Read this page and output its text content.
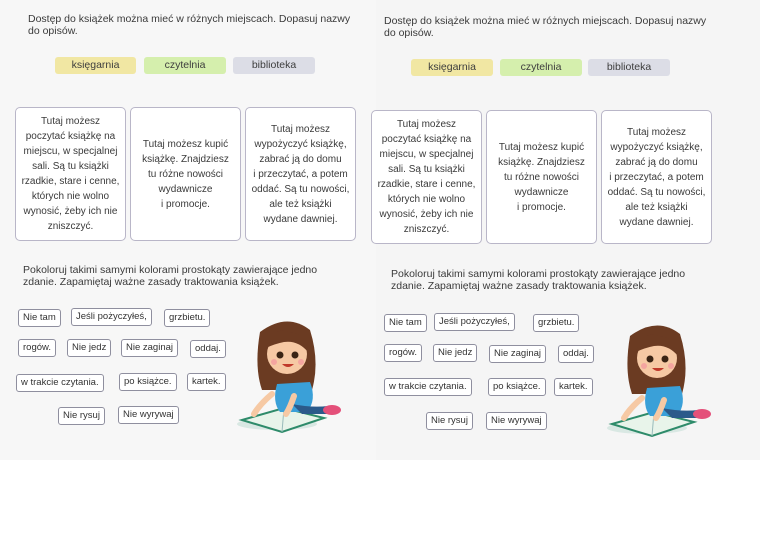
Dostęp do książek można mieć w różnych miejscach. Dopasuj nazwy do opisów.
księgarnia	czytelnia	biblioteka
Tutaj możesz
poczytać książkę na
miejscu, w specjalnej
sali. Są tu książki
rzadkie, stare i cenne,
których nie wolno
wynosić, żeby ich nie
zniszczyć.
Tutaj możesz kupić
książkę. Znajdziesz
tu różne nowości
wydawnicze
i promocje.
Tutaj możesz
wypożyczyć książkę,
zabrać ją do domu
i przeczytać, a potem
oddać. Są tu nowości,
ale też książki
wydane dawniej.
Pokoloruj takimi samymi kolorami prostokąty zawierające jedno zdanie. Zapamiętaj ważne zasady traktowania książek.
Nie tam	Jeśli pożyczyłeś,	grzbietu.
rogów.	Nie jedz	Nie zaginaj	oddaj.
w trakcie czytania.	po książce.	kartek.
Nie rysuj	Nie wyrywaj
Dostęp do książek można mieć w różnych miejscach. Dopasuj nazwy do opisów.
księgarnia	czytelnia	biblioteka
Tutaj możesz
poczytać książkę na
miejscu, w specjalnej
sali. Są tu książki
rzadkie, stare i cenne,
których nie wolno
wynosić, żeby ich nie
zniszczyć.
Tutaj możesz kupić
książkę. Znajdziesz
tu różne nowości
wydawnicze
i promocje.
Tutaj możesz
wypożyczyć książkę,
zabrać ją do domu
i przeczytać, a potem
oddać. Są tu nowości,
ale też książki
wydane dawniej.
Pokoloruj takimi samymi kolorami prostokąty zawierające jedno zdanie. Zapamiętaj ważne zasady traktowania książek.
Nie tam	Jeśli pożyczyłeś,	grzbietu.
rogów.	Nie jedz	Nie zaginaj	oddaj.
w trakcie czytania.	po książce.	kartek.
Nie rysuj	Nie wyrywaj
